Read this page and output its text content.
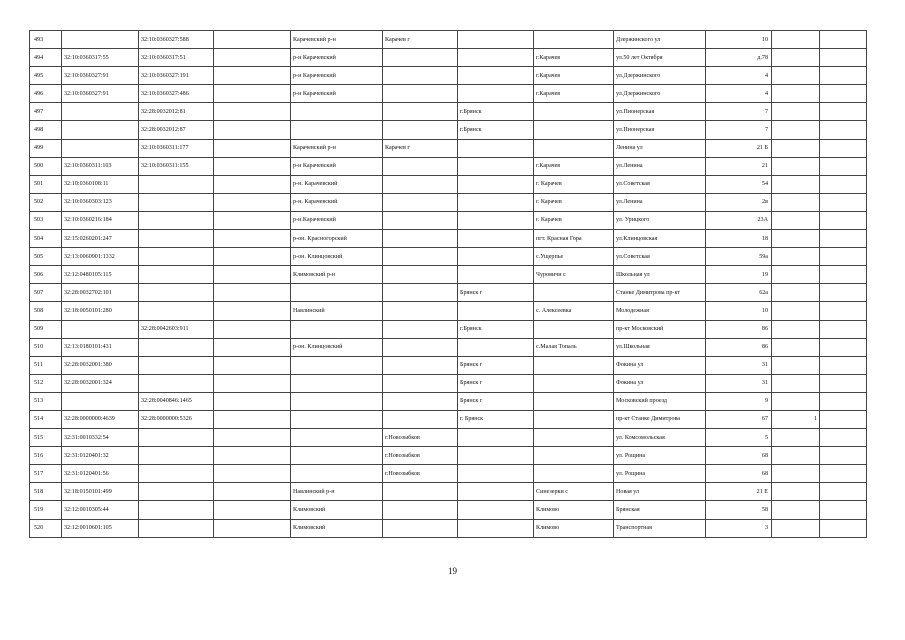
493		32:10:0360327:588		Карачевский р-н	Карачев г			Дзержинского ул	10		
494	32:10:0360317:55	32:10:0360317:51		р-н Карачевский			г.Карачев	ул.50 лет Октября	д.78		
495	32:10:0360327:91	32:10:0360327:191		р-н Карачевский			г.Карачев	ул.Дзержинского	4		
496	32:10:0360327:91	32:10:0360327:486		р-н Карачевский			г.Карачев	ул.Дзержинского	4		
497		32:28:0032012:81				г.Брянск		ул.Пионерская	7		
498		32:28:0032012:87				г.Брянск		ул.Пионерская	7		
499		32:10:0360311:177		Карачевский р-н	Карачев г			Ленина ул	21 Б		
500	32:10:0360311:103	32:10:0360311:155		р-н Карачевский			г.Карачев	ул.Ленина	21		
501	32:10:0360108:11			р-н. Карачевский			г. Карачев	ул.Советская	54		
502	32:10:0360303:123			р-н. Карачевский			г. Карачев	ул.Ленина	2в		
503	32:10:0360216:184			р-н.Карачевский			г. Карачев	ул. Урицкого	23А		
504	32:15:0260201:247			р-он. Красногорский			пгт. Красная Гора	ул.Клинцовская	18		
505	32:13:0060901:1332			р-он. Клинцовский			с.Ущерпье	ул.Советская	59а		
506	32:12:0480105:115			Климовский р-н			Чуровичи с	Школьная ул	19		
507	32:28:0032702:101					Брянск г		Станке Димитрова пр-кт	62а		
508	32:18:0050101:280			Навлинский			с. Алексеевка	Молодежная	10		
509		32:28:0042603:911				г.Брянск		пр-кт Московский	86		
510	32:13:0180101:431			р-он. Клинцовский			с.Малая Топаль	ул.Школьная	86		
511	32:28:0032001:380					Брянск г		Фокина ул	31		
512	32:28:0032001:324					Брянск г		Фокина ул	31		
513		32:28:0040846:1465				Брянск г		Московский проезд	9		
514	32:28:0000000:4639	32:28:0000000:5326				г. Брянск		пр-кт Станке Димитрова	67	1	
515	32:31:0010332:54				г.Новозыбков			ул. Комсомольская	5		
516	32:31:0120401:32				г.Новозыбков			ул. Рощина	68		
517	32:31:0120401:56				г.Новозыбков			ул. Рощина	68		
518	32:18:0150101:499			Навлинский р-н			Синезерки с	Новая ул	21 Е		
519	32:12:0010305:44			Климовский			Климово	Брянская	58		
520	32:12:0010601:105			Климовский			Климово	Транспортная	3		
19
